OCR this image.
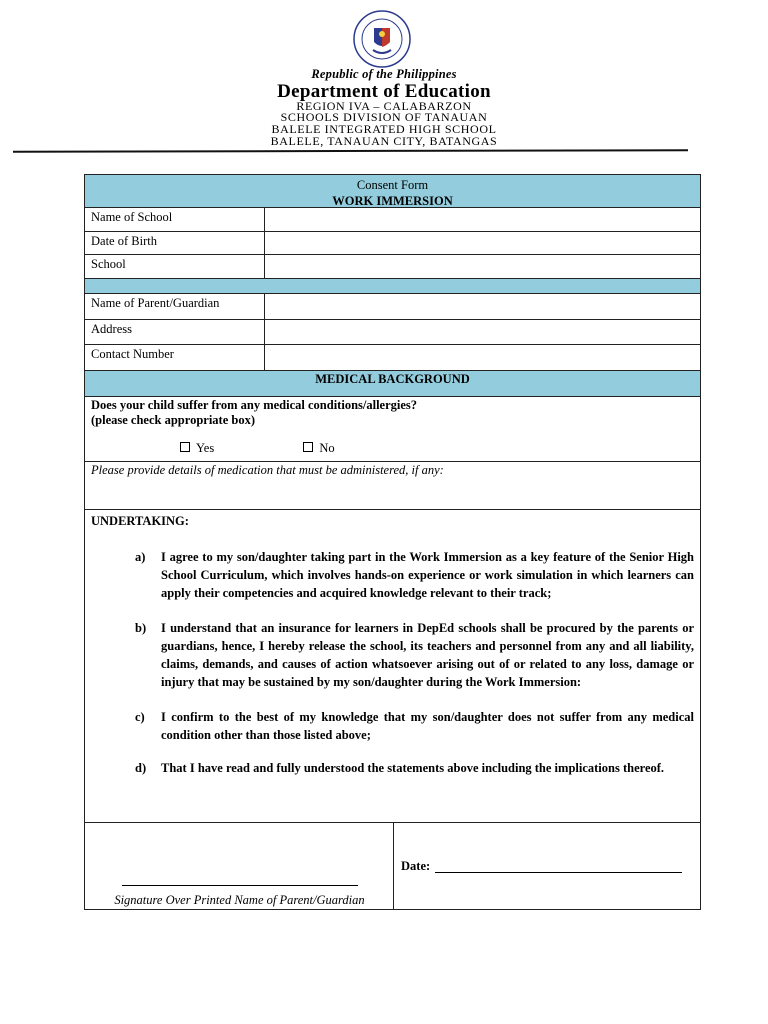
Republic of the Philippines
Department of Education
REGION IVA – CALABARZON
SCHOOLS DIVISION OF TANAUAN
BALELE INTEGRATED HIGH SCHOOL
BALELE, TANAUAN CITY, BATANGAS
Consent Form
WORK IMMERSION
Name of School
Date of Birth
School
Name of Parent/Guardian
Address
Contact Number
MEDICAL BACKGROUND
Does your child suffer from any medical conditions/allergies?
(please check appropriate box)
Yes	No
Please provide details of medication that must be administered, if any:
UNDERTAKING:
a) I agree to my son/daughter taking part in the Work Immersion as a key feature of the Senior High School Curriculum, which involves hands-on experience or work simulation in which learners can apply their competencies and acquired knowledge relevant to their track;
b) I understand that an insurance for learners in DepEd schools shall be procured by the parents or guardians, hence, I hereby release the school, its teachers and personnel from any and all liability, claims, demands, and causes of action whatsoever arising out of or related to any loss, damage or injury that may be sustained by my son/daughter during the Work Immersion:
c) I confirm to the best of my knowledge that my son/daughter does not suffer from any medical condition other than those listed above;
d) That I have read and fully understood the statements above including the implications thereof.
Signature Over Printed Name of Parent/Guardian
Date:
